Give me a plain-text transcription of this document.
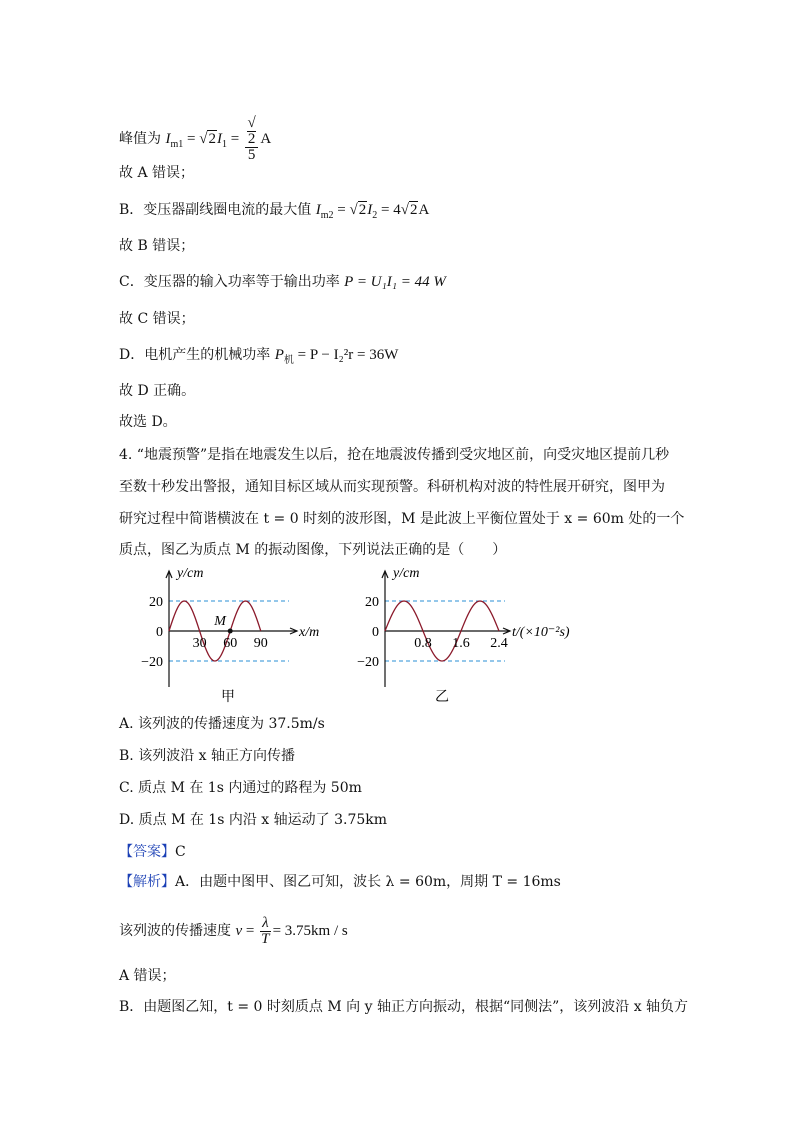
峰值为 $I_{m1} = √2I_1$ = √
2
5 A
故 A 错误；
B．变压器副线圈电流的最大值 $I_{m2} = √2I_2 = 4√2A$
故 B 错误；
C．变压器的输入功率等于输出功率 P = U₁I₁ = 44 W
故 C 错误；
D．电机产生的机械功率 $P_机 = P - I_2^2r = 36W$
故 D 正确。
故选 D。
4. “地震预警”是指在地震发生以后，抢在地震波传播到受灾地区前，向受灾地区提前几秒
至数十秒发出警报，通知目标区域从而实现预警。科研机构对波的特性展开研究，图甲为
研究过程中简谐横波在 t = 0 时刻的波形图，M 是此波上平衡位置处于 x = 60m 处的一个
质点，图乙为质点 M 的振动图像，下列说法正确的是（　　）
20
0
−20
30 60 90
y/cm
x/m
甲
M
20
0
−20
0.8 1.6 2.4
y/cm
t/(×10⁻²s)
乙
A. 该列波的传播速度为 37.5m/s
B. 该列波沿 x 轴正方向传播
C. 质点 M 在 1s 内通过的路程为 50m
D. 质点 M 在 1s 内沿 x 轴运动了 3.75km
【答案】C
【解析】A．由题中图甲、图乙可知，波长 λ = 60m，周期 T = 16ms
该列波的传播速度 $v = \frac{\lambda}{T} = 3.75km / s$
A 错误；
B．由题图乙知，t = 0 时刻质点 M 向 y 轴正方向振动，根据“同侧法”，该列波沿 x 轴负方
